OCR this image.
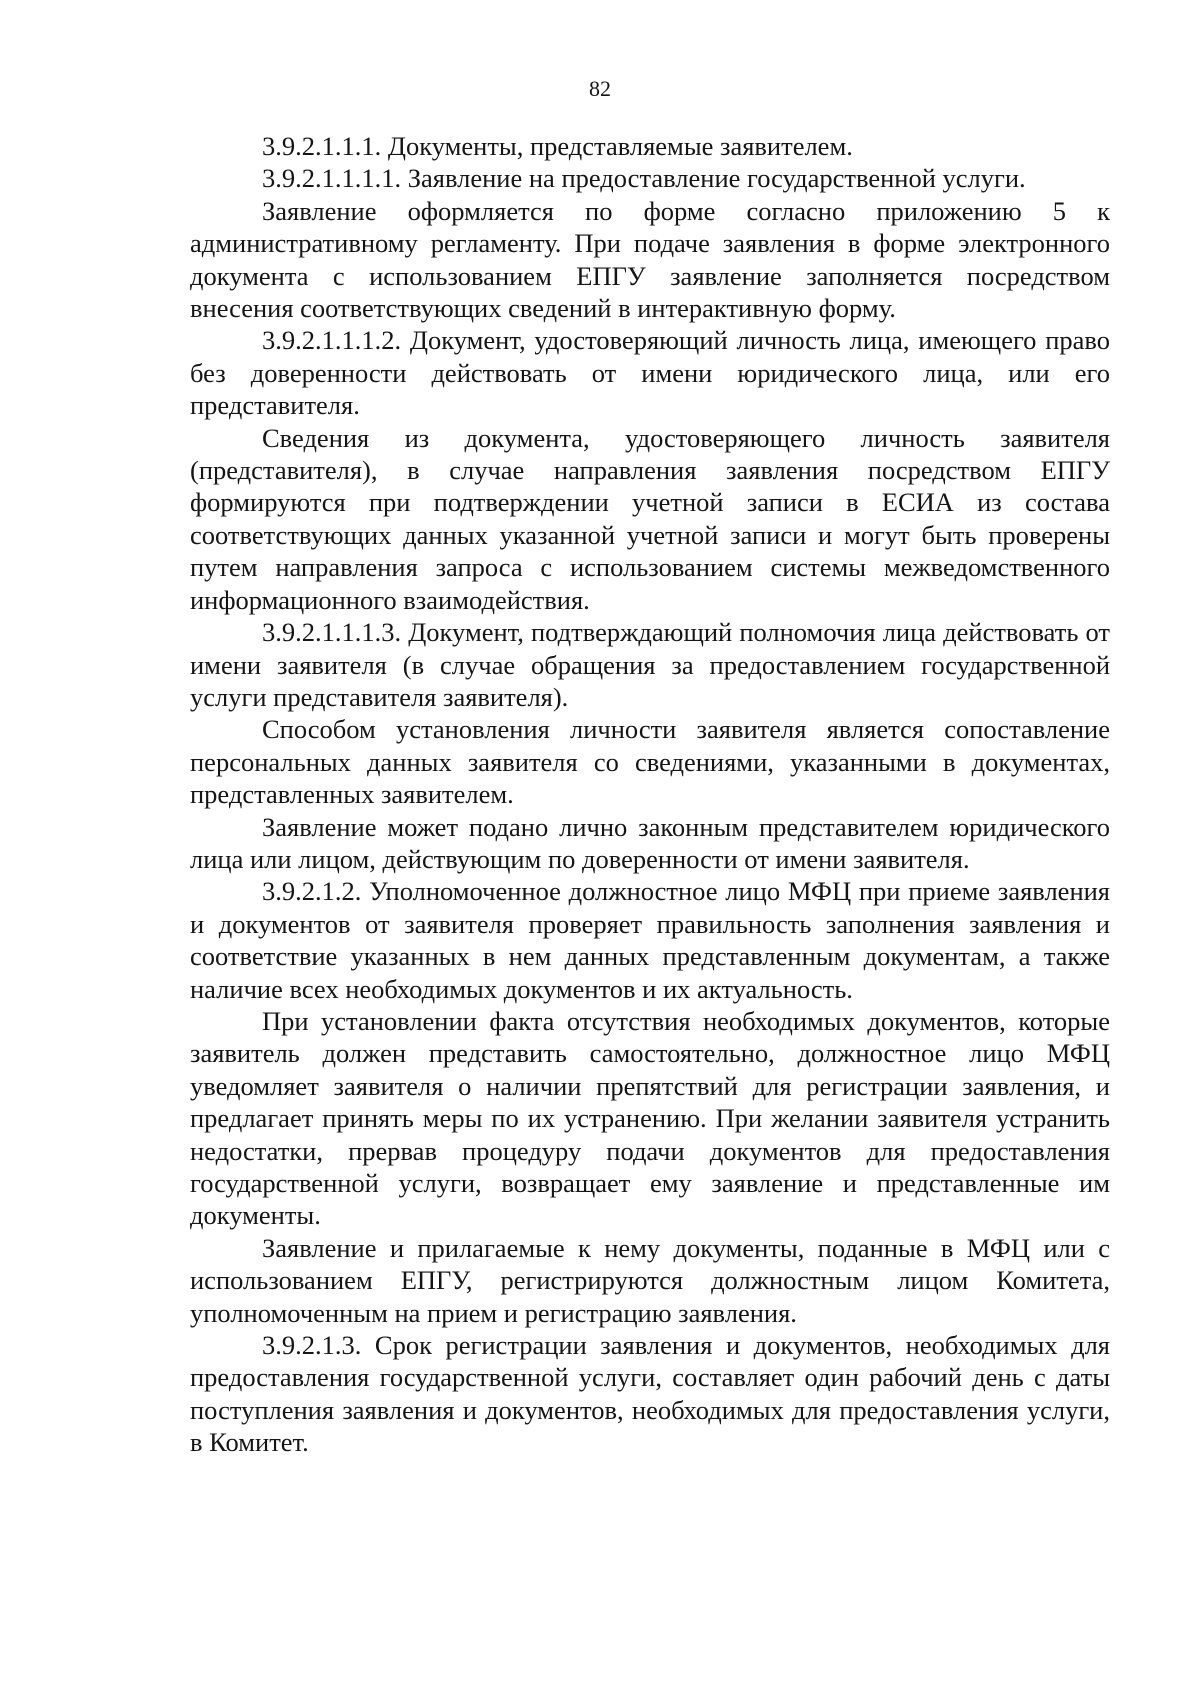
82

3.9.2.1.1.1. Документы, представляемые заявителем.

3.9.2.1.1.1.1. Заявление на предоставление государственной услуги.

Заявление оформляется по форме согласно приложению 5 к административному регламенту. При подаче заявления в форме электронного документа с использованием ЕПГУ заявление заполняется посредством внесения соответствующих сведений в интерактивную форму.

3.9.2.1.1.1.2. Документ, удостоверяющий личность лица, имеющего право без доверенности действовать от имени юридического лица, или его представителя.

Сведения из документа, удостоверяющего личность заявителя (представителя), в случае направления заявления посредством ЕПГУ формируются при подтверждении учетной записи в ЕСИА из состава соответствующих данных указанной учетной записи и могут быть проверены путем направления запроса с использованием системы межведомственного информационного взаимодействия.

3.9.2.1.1.1.3. Документ, подтверждающий полномочия лица действовать от имени заявителя (в случае обращения за предоставлением государственной услуги представителя заявителя).

Способом установления личности заявителя является сопоставление персональных данных заявителя со сведениями, указанными в документах, представленных заявителем.

Заявление может подано лично законным представителем юридического лица или лицом, действующим по доверенности от имени заявителя.

3.9.2.1.2. Уполномоченное должностное лицо МФЦ при приеме заявления и документов от заявителя проверяет правильность заполнения заявления и соответствие указанных в нем данных представленным документам, а также наличие всех необходимых документов и их актуальность.

При установлении факта отсутствия необходимых документов, которые заявитель должен представить самостоятельно, должностное лицо МФЦ уведомляет заявителя о наличии препятствий для регистрации заявления, и предлагает принять меры по их устранению. При желании заявителя устранить недостатки, прервав процедуру подачи документов для предоставления государственной услуги, возвращает ему заявление и представленные им документы.

Заявление и прилагаемые к нему документы, поданные в МФЦ или с использованием ЕПГУ, регистрируются должностным лицом Комитета, уполномоченным на прием и регистрацию заявления.

3.9.2.1.3. Срок регистрации заявления и документов, необходимых для предоставления государственной услуги, составляет один рабочий день с даты поступления заявления и документов, необходимых для предоставления услуги, в Комитет.
